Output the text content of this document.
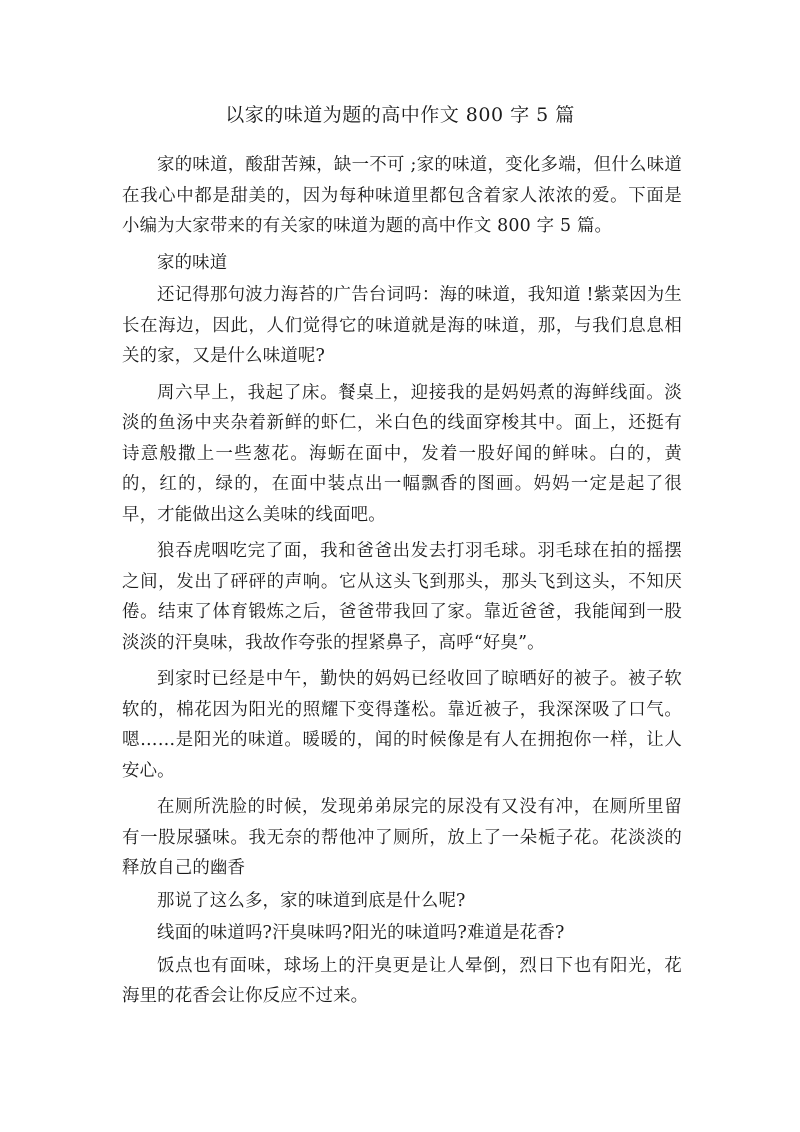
以家的味道为题的高中作文 800 字 5 篇

家的味道，酸甜苦辣，缺一不可 ;家的味道，变化多端，但什么味道在我心中都是甜美的，因为每种味道里都包含着家人浓浓的爱。下面是小编为大家带来的有关家的味道为题的高中作文 800 字 5 篇。

家的味道

还记得那句波力海苔的广告台词吗：海的味道，我知道 !紫菜因为生长在海边，因此，人们觉得它的味道就是海的味道，那，与我们息息相关的家，又是什么味道呢?

周六早上，我起了床。餐桌上，迎接我的是妈妈煮的海鲜线面。淡淡的鱼汤中夹杂着新鲜的虾仁，米白色的线面穿梭其中。面上，还挺有诗意般撒上一些葱花。海蛎在面中，发着一股好闻的鲜味。白的，黄的，红的，绿的，在面中装点出一幅飘香的图画。妈妈一定是起了很早，才能做出这么美味的线面吧。

狼吞虎咽吃完了面，我和爸爸出发去打羽毛球。羽毛球在拍的摇摆之间，发出了砰砰的声响。它从这头飞到那头，那头飞到这头，不知厌倦。结束了体育锻炼之后，爸爸带我回了家。靠近爸爸，我能闻到一股淡淡的汗臭味，我故作夸张的捏紧鼻子，高呼“好臭”。

到家时已经是中午，勤快的妈妈已经收回了晾晒好的被子。被子软软的，棉花因为阳光的照耀下变得蓬松。靠近被子，我深深吸了口气。嗯……是阳光的味道。暖暖的，闻的时候像是有人在拥抱你一样，让人安心。

在厕所洗脸的时候，发现弟弟尿完的尿没有又没有冲，在厕所里留有一股尿骚味。我无奈的帮他冲了厕所，放上了一朵栀子花。花淡淡的释放自己的幽香

那说了这么多，家的味道到底是什么呢?

线面的味道吗?汗臭味吗?阳光的味道吗?难道是花香?

饭点也有面味，球场上的汗臭更是让人晕倒，烈日下也有阳光，花海里的花香会让你反应不过来。
